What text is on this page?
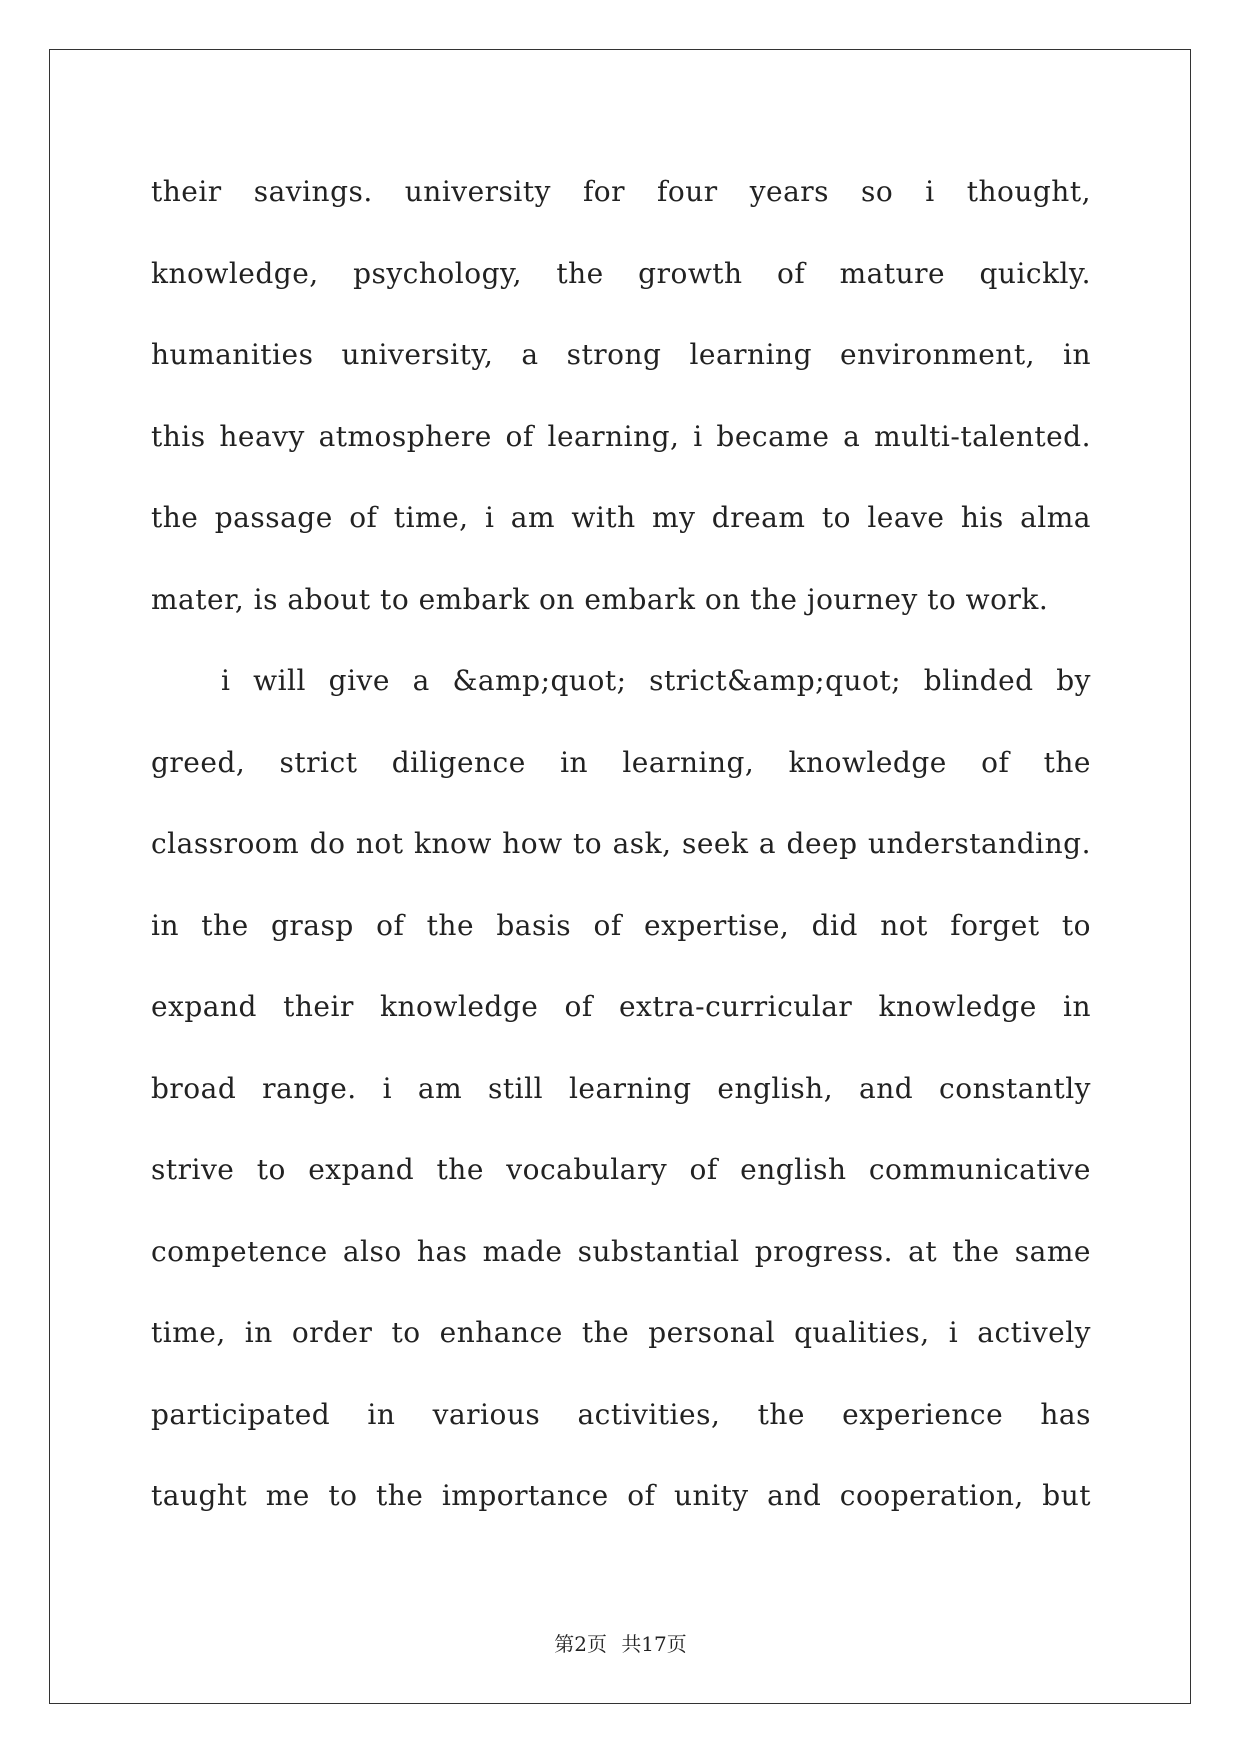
their savings. university for four years so i thought,
knowledge, psychology, the growth of mature quickly.
humanities university, a strong learning environment, in
this heavy atmosphere of learning, i became a multi-talented.
the passage of time, i am with my dream to leave his alma
mater, is about to embark on embark on the journey to work.
i will give a &amp;quot; strict&amp;quot; blinded by
greed, strict diligence in learning, knowledge of the
classroom do not know how to ask, seek a deep understanding.
in the grasp of the basis of expertise, did not forget to
expand their knowledge of extra-curricular knowledge in
broad range. i am still learning english, and constantly
strive to expand the vocabulary of english communicative
competence also has made substantial progress. at the same
time, in order to enhance the personal qualities, i actively
participated in various activities, the experience has
taught me to the importance of unity and cooperation, but
第2页 共17页
